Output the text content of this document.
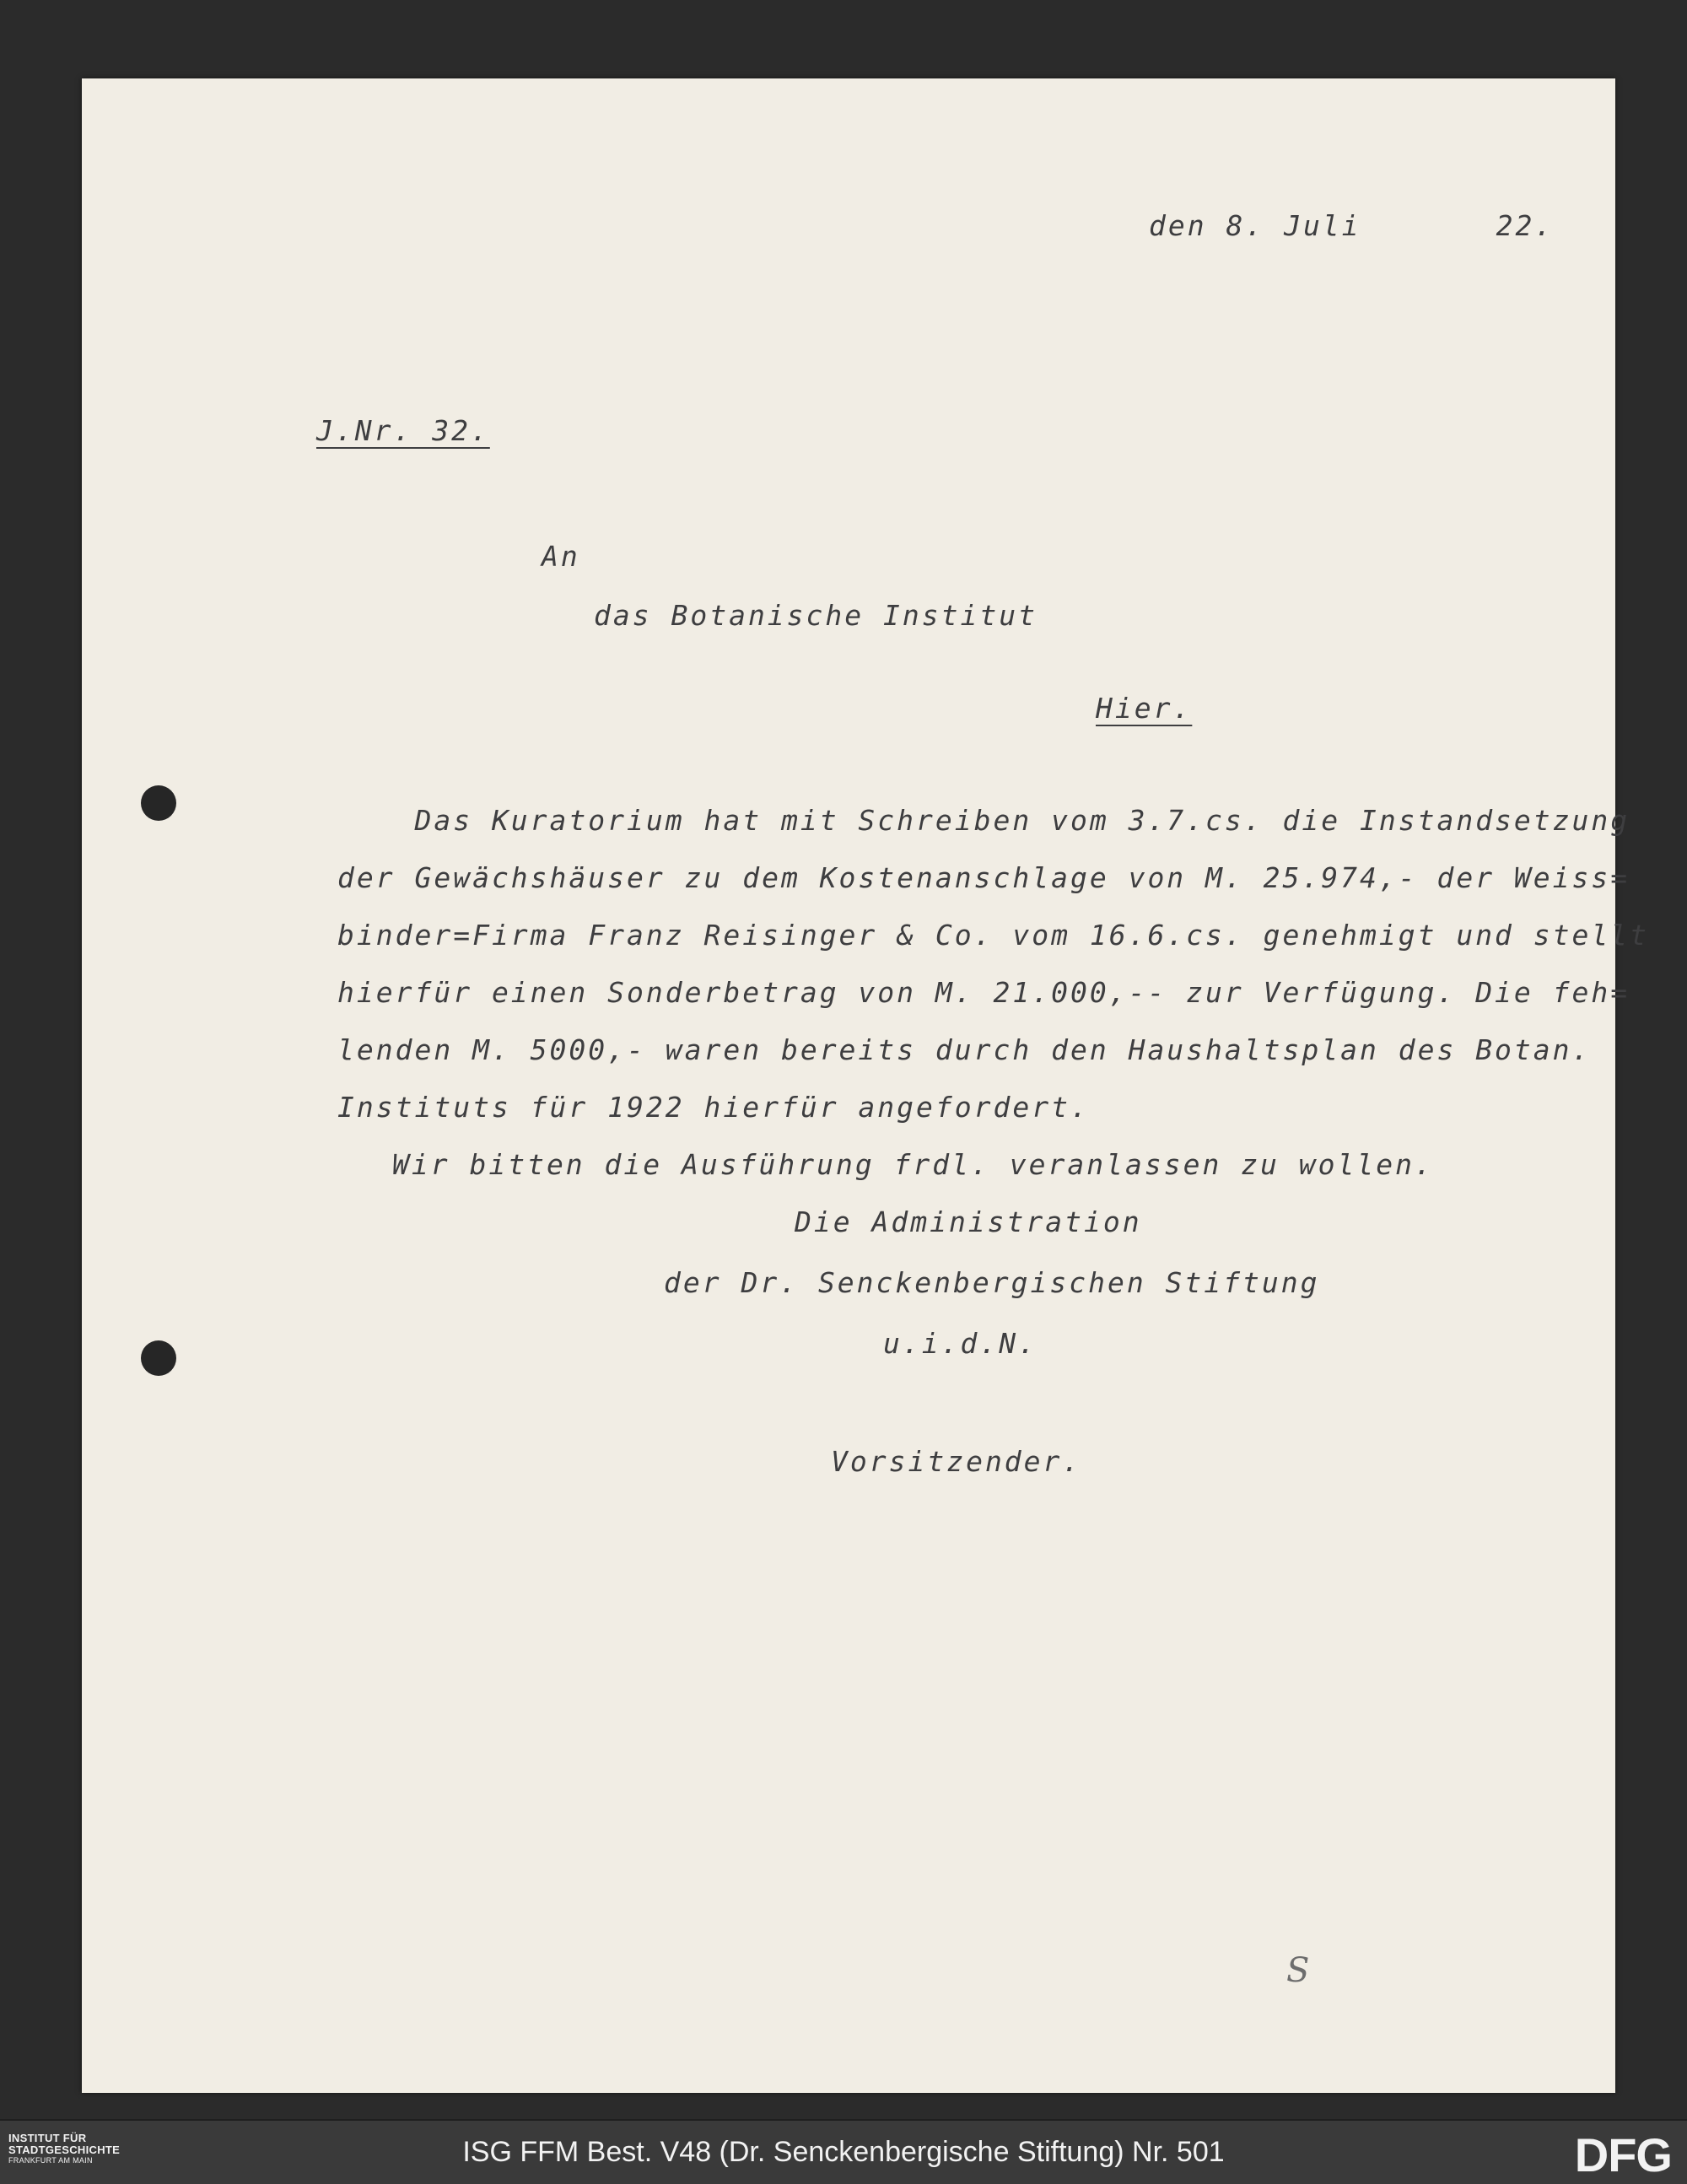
den 8. Juli       22.
J.Nr. 32.
An
das Botanische Institut
Hier.
Das Kuratorium hat mit Schreiben vom 3.7.cs. die Instandsetzung
der Gewächshäuser zu dem Kostenanschlage von M. 25.974,- der Weiss=
binder=Firma Franz Reisinger & Co. vom 16.6.cs. genehmigt und stellt
hierfür einen Sonderbetrag von M. 21.000,-- zur Verfügung. Die feh=
lenden M. 5000,- waren bereits durch den Haushaltsplan des Botan.
Instituts für 1922 hierfür angefordert.
Wir bitten die Ausführung frdl. veranlassen zu wollen.
Die Administration
der Dr. Senckenbergischen Stiftung
u.i.d.N.
Vorsitzender.
S
INSTITUT FÜR
STADTGESCHICHTE
FRANKFURT AM MAIN	ISG FFM Best. V48 (Dr. Senckenbergische Stiftung) Nr. 501	DFG
